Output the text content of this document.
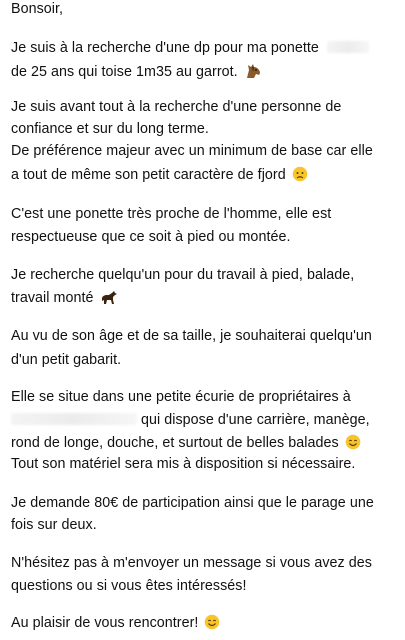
Bonsoir,
Je suis à la recherche d'une dp pour ma ponette
de 25 ans qui toise 1m35 au garrot.
Je suis avant tout à la recherche d'une personne de
confiance et sur du long terme.
De préférence majeur avec un minimum de base car elle
a tout de même son petit caractère de fjord
C'est une ponette très proche de l'homme, elle est
respectueuse que ce soit à pied ou montée.
Je recherche quelqu'un pour du travail à pied, balade,
travail monté
Au vu de son âge et de sa taille, je souhaiterai quelqu'un
d'un petit gabarit.
Elle se situe dans une petite écurie de propriétaires à
qui dispose d'une carrière, manège,
rond de longe, douche, et surtout de belles balades
Tout son matériel sera mis à disposition si nécessaire.
Je demande 80€ de participation ainsi que le parage une
fois sur deux.
N'hésitez pas à m'envoyer un message si vous avez des
questions ou si vous êtes intéressés!
Au plaisir de vous rencontrer!
